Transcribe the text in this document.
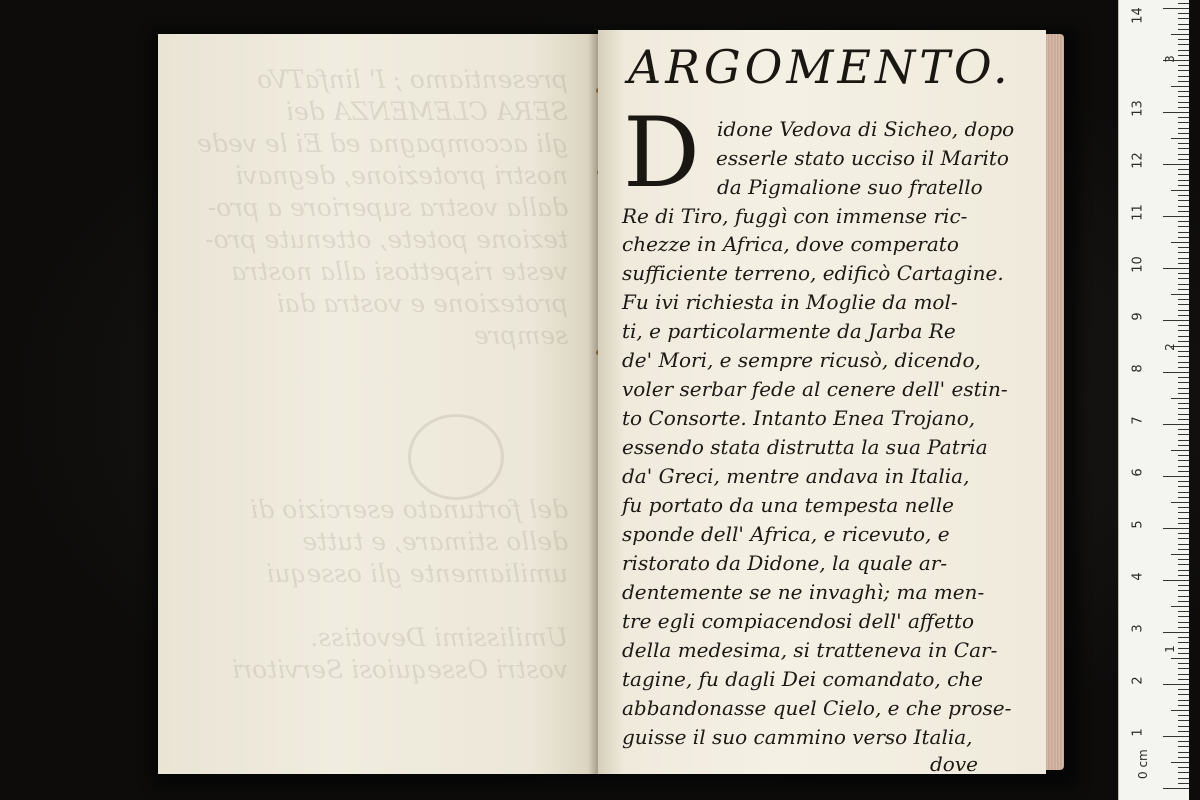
presentiamo ; I' linfaTVo
SERA CLEMENZA dei
gli accompagna ed Ei le vede
nostri protezione, degnavi
dalla vostra superiore a pro-
tezione potete, ottenute pro-
veste rispettosi alla nostra
protezione e vostra dai
sempre
del fortunato esercizio di
dello stimare, e tutte
umiliamente gli ossequi
Umilissimi Devotiss.
vostri Ossequiosi Servitori
ARGOMENTO.
D idone Vedova di Sicheo, dopo
esserle stato ucciso il Marito
da Pigmalione suo fratello
Re di Tiro, fuggì con immense ric-
chezze in Africa, dove comperato
sufficiente terreno, edificò Cartagine.
Fu ivi richiesta in Moglie da mol-
ti, e particolarmente da Jarba Re
de' Mori, e sempre ricusò, dicendo,
voler serbar fede al cenere dell' estin-
to Consorte. Intanto Enea Trojano,
essendo stata distrutta la sua Patria
da' Greci, mentre andava in Italia,
fu portato da una tempesta nelle
sponde dell' Africa, e ricevuto, e
ristorato da Didone, la quale ar-
dentemente se ne invaghì; ma men-
tre egli compiacendosi dell' affetto
della medesima, si tratteneva in Car-
tagine, fu dagli Dei comandato, che
abbandonasse quel Cielo, e che prose-
guisse il suo cammino verso Italia,
dove	0 cm
1
2
3
4
5
6
7
8
9
10
11
12
13
14
1
2
3
